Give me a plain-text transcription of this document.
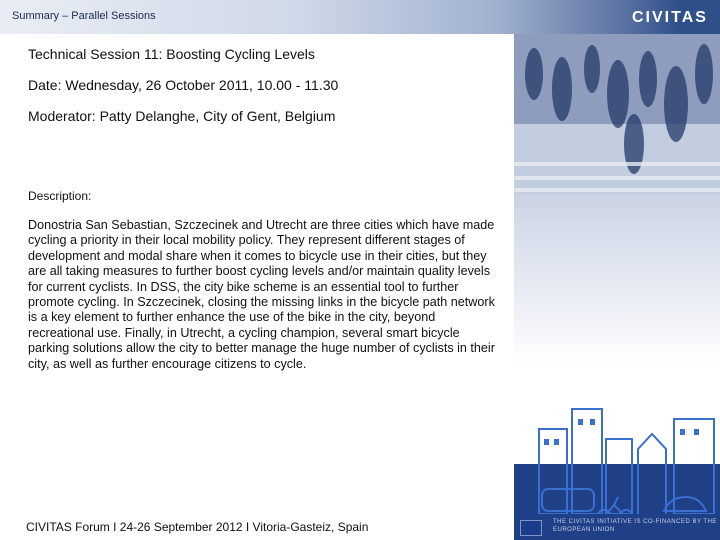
Summary – Parallel Sessions	CIVITAS
THE CIVITAS INITIATIVE IS CO-FINANCED BY THE EUROPEAN UNION
Technical Session 11: Boosting Cycling Levels
Date: Wednesday, 26 October 2011, 10.00 - 11.30
Moderator: Patty Delanghe, City of Gent, Belgium
Description:
Donostria San Sebastian, Szczecinek and Utrecht are three cities which have made cycling a priority in their local mobility policy. They represent different stages of development and modal share when it comes to bicycle use in their cities, but they are all taking measures to further boost cycling levels and/or maintain quality levels for current cyclists. In DSS, the city bike scheme is an essential tool to further promote cycling. In Szczecinek, closing the missing links in the bicycle path network is a key element to further enhance the use of the bike in the city, beyond recreational use. Finally, in Utrecht, a cycling champion, several smart bicycle parking solutions allow the city to better manage the huge number of cyclists in their city, as well as further encourage citizens to cycle.
CIVITAS Forum I 24-26 September 2012 I Vitoria-Gasteiz, Spain
